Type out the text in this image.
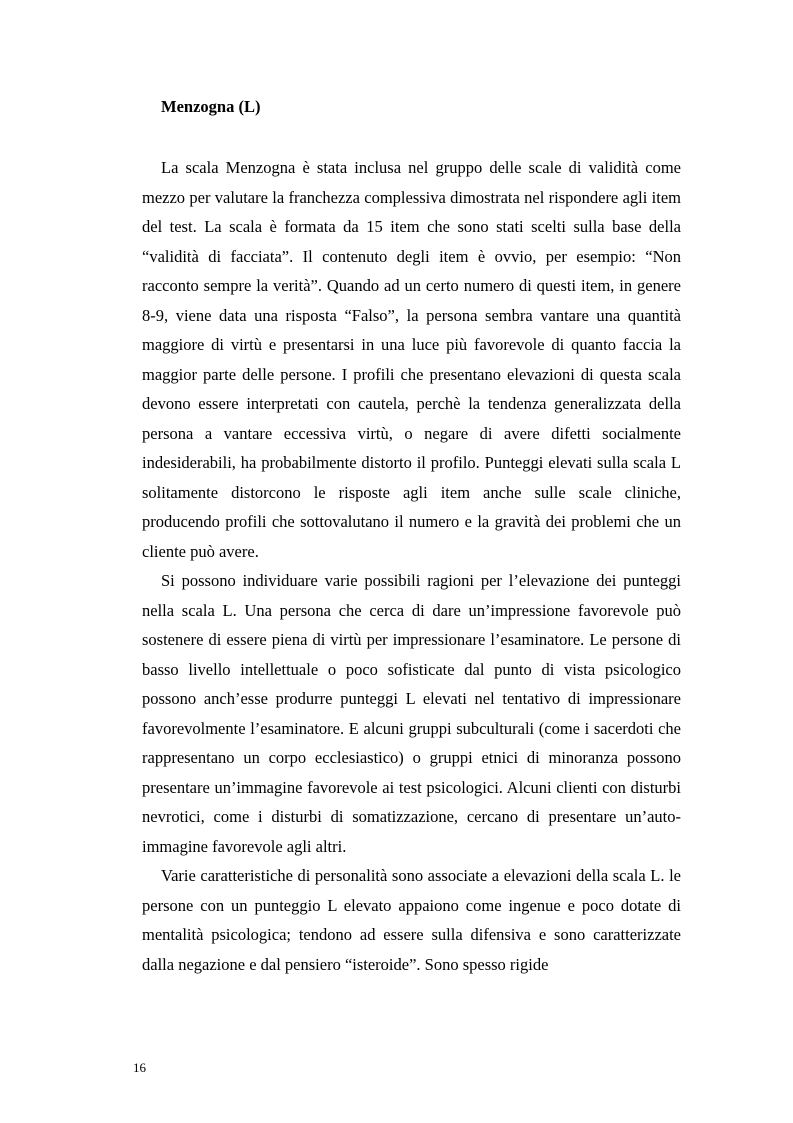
Menzogna (L)

La scala Menzogna è stata inclusa nel gruppo delle scale di validità come mezzo per valutare la franchezza complessiva dimostrata nel rispondere agli item del test. La scala è formata da 15 item che sono stati scelti sulla base della “validità di facciata”. Il contenuto degli item è ovvio, per esempio: “Non racconto sempre la verità”. Quando ad un certo numero di questi item, in genere 8-9, viene data una risposta “Falso”, la persona sembra vantare una quantità maggiore di virtù e presentarsi in una luce più favorevole di quanto faccia la maggior parte delle persone. I profili che presentano elevazioni di questa scala devono essere interpretati con cautela, perchè la tendenza generalizzata della persona a vantare eccessiva virtù, o negare di avere difetti socialmente indesiderabili, ha probabilmente distorto il profilo. Punteggi elevati sulla scala L solitamente distorcono le risposte agli item anche sulle scale cliniche, producendo profili che sottovalutano il numero e la gravità dei problemi che un cliente può avere.

Si possono individuare varie possibili ragioni per l’elevazione dei punteggi nella scala L. Una persona che cerca di dare un’impressione favorevole può sostenere di essere piena di virtù per impressionare l’esaminatore. Le persone di basso livello intellettuale o poco sofisticate dal punto di vista psicologico possono anch’esse produrre punteggi L elevati nel tentativo di impressionare favorevolmente l’esaminatore. E alcuni gruppi subculturali (come i sacerdoti che rappresentano un corpo ecclesiastico) o gruppi etnici di minoranza possono presentare un’immagine favorevole ai test psicologici. Alcuni clienti con disturbi nevrotici, come i disturbi di somatizzazione, cercano di presentare un’auto-immagine favorevole agli altri.

Varie caratteristiche di personalità sono associate a elevazioni della scala L. le persone con un punteggio L elevato appaiono come ingenue e poco dotate di mentalità psicologica; tendono ad essere sulla difensiva e sono caratterizzate dalla negazione e dal pensiero “isteroide”. Sono spesso rigide

16
